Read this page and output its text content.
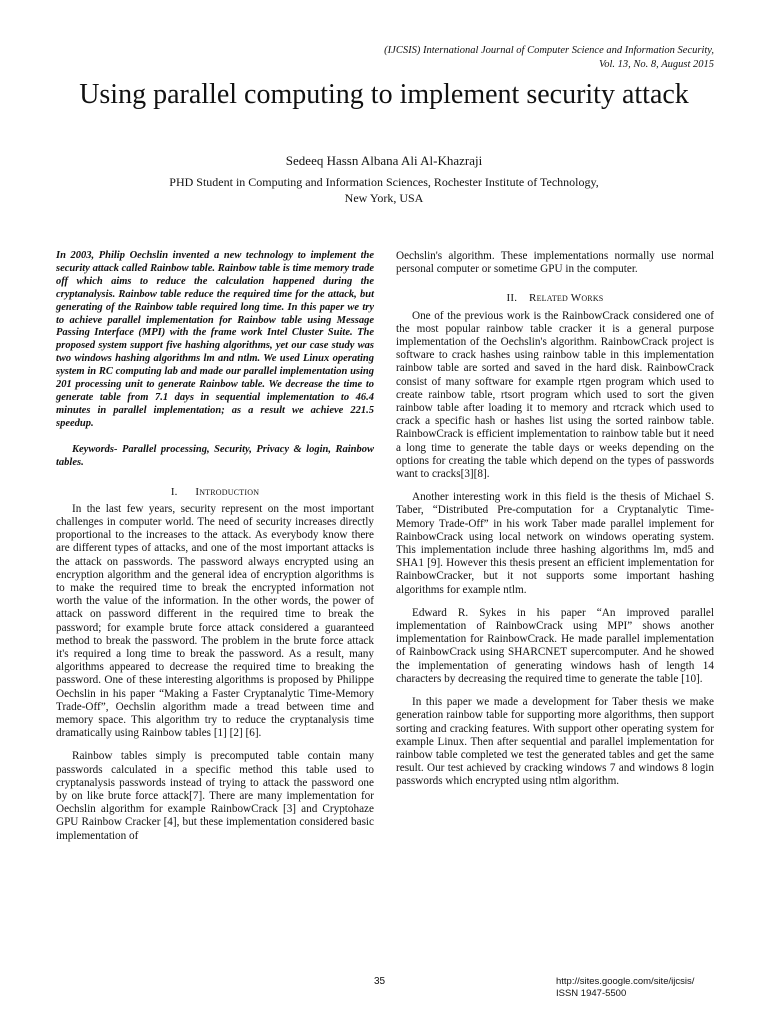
(IJCSIS) International Journal of Computer Science and Information Security,
Vol. 13, No. 8, August 2015
Using parallel computing to implement security attack
Sedeeq Hassn Albana Ali Al-Khazraji
PHD Student in Computing and Information Sciences, Rochester Institute of Technology,
New York, USA

In 2003, Philip Oechslin invented a new technology to implement the security attack called Rainbow table. Rainbow table is time memory trade off which aims to reduce the calculation happened during the cryptanalysis. Rainbow table reduce the required time for the attack, but generating of the Rainbow table required long time. In this paper we try to achieve parallel implementation for Rainbow table using Message Passing Interface (MPI) with the frame work Intel Cluster Suite. The proposed system support five hashing algorithms, yet our case study was two windows hashing algorithms lm and ntlm. We used Linux operating system in RC computing lab and made our parallel implementation using 201 processing unit to generate Rainbow table. We decrease the time to generate table from 7.1 days in sequential implementation to 46.4 minutes in parallel implementation; as a result we achieve 221.5 speedup.

Keywords- Parallel processing, Security, Privacy & login, Rainbow tables.

I. Introduction

In the last few years, security represent on the most important challenges in computer world. The need of security increases directly proportional to the increases to the attack. As everybody know there are different types of attacks, and one of the most important attacks is the attack on passwords. The password always encrypted using an encryption algorithm and the general idea of encryption algorithms is to make the required time to break the encrypted information not worth the value of the information. In the other words, the power of attack on password different in the required time to break the password; for example brute force attack considered a guaranteed method to break the password. The problem in the brute force attack it's required a long time to break the password. As a result, many algorithms appeared to decrease the required time to breaking the password. One of these interesting algorithms is proposed by Philippe Oechslin in his paper “Making a Faster Cryptanalytic Time-Memory Trade-Off”, Oechslin algorithm made a tread between time and memory space. This algorithm try to reduce the cryptanalysis time dramatically using Rainbow tables [1] [2] [6].

Rainbow tables simply is precomputed table contain many passwords calculated in a specific method this table used to cryptanalysis passwords instead of trying to attack the password one by on like brute force attack[7]. There are many implementation for Oechslin algorithm for example RainbowCrack [3] and Cryptohaze GPU Rainbow Cracker [4], but these implementation considered basic implementation of

Oechslin's algorithm. These implementations normally use normal personal computer or sometime GPU in the computer.

II. Related Works

One of the previous work is the RainbowCrack considered one of the most popular rainbow table cracker it is a general purpose implementation of the Oechslin's algorithm. RainbowCrack project is software to crack hashes using rainbow table in this implementation rainbow table are sorted and saved in the hard disk. RainbowCrack consist of many software for example rtgen program which used to create rainbow table, rtsort program which used to sort the given rainbow table after loading it to memory and rtcrack which used to crack a specific hash or hashes list using the sorted rainbow table. RainbowCrack is efficient implementation to rainbow table but it need a long time to generate the table days or weeks depending on the options for creating the table which depend on the types of passwords want to cracks[3][8].

Another interesting work in this field is the thesis of Michael S. Taber, “Distributed Pre-computation for a Cryptanalytic Time-Memory Trade-Off” in his work Taber made parallel implement for RainbowCrack using local network on windows operating system. This implementation include three hashing algorithms lm, md5 and SHA1 [9]. However this thesis present an efficient implementation for RainbowCracker, but it not supports some important hashing algorithms for example ntlm.

Edward R. Sykes in his paper “An improved parallel implementation of RainbowCrack using MPI” shows another implementation for RainbowCrack. He made parallel implementation of RainbowCrack using SHARCNET supercomputer. And he showed the implementation of generating windows hash of length 14 characters by decreasing the required time to generate the table [10].

In this paper we made a development for Taber thesis we make generation rainbow table for supporting more algorithms, then support sorting and cracking features. With support other operating system for example Linux. Then after sequential and parallel implementation for rainbow table completed we test the generated tables and get the same result. Our test achieved by cracking windows 7 and windows 8 login passwords which encrypted using ntlm algorithm.

35	http://sites.google.com/site/ijcsis/
ISSN 1947-5500
